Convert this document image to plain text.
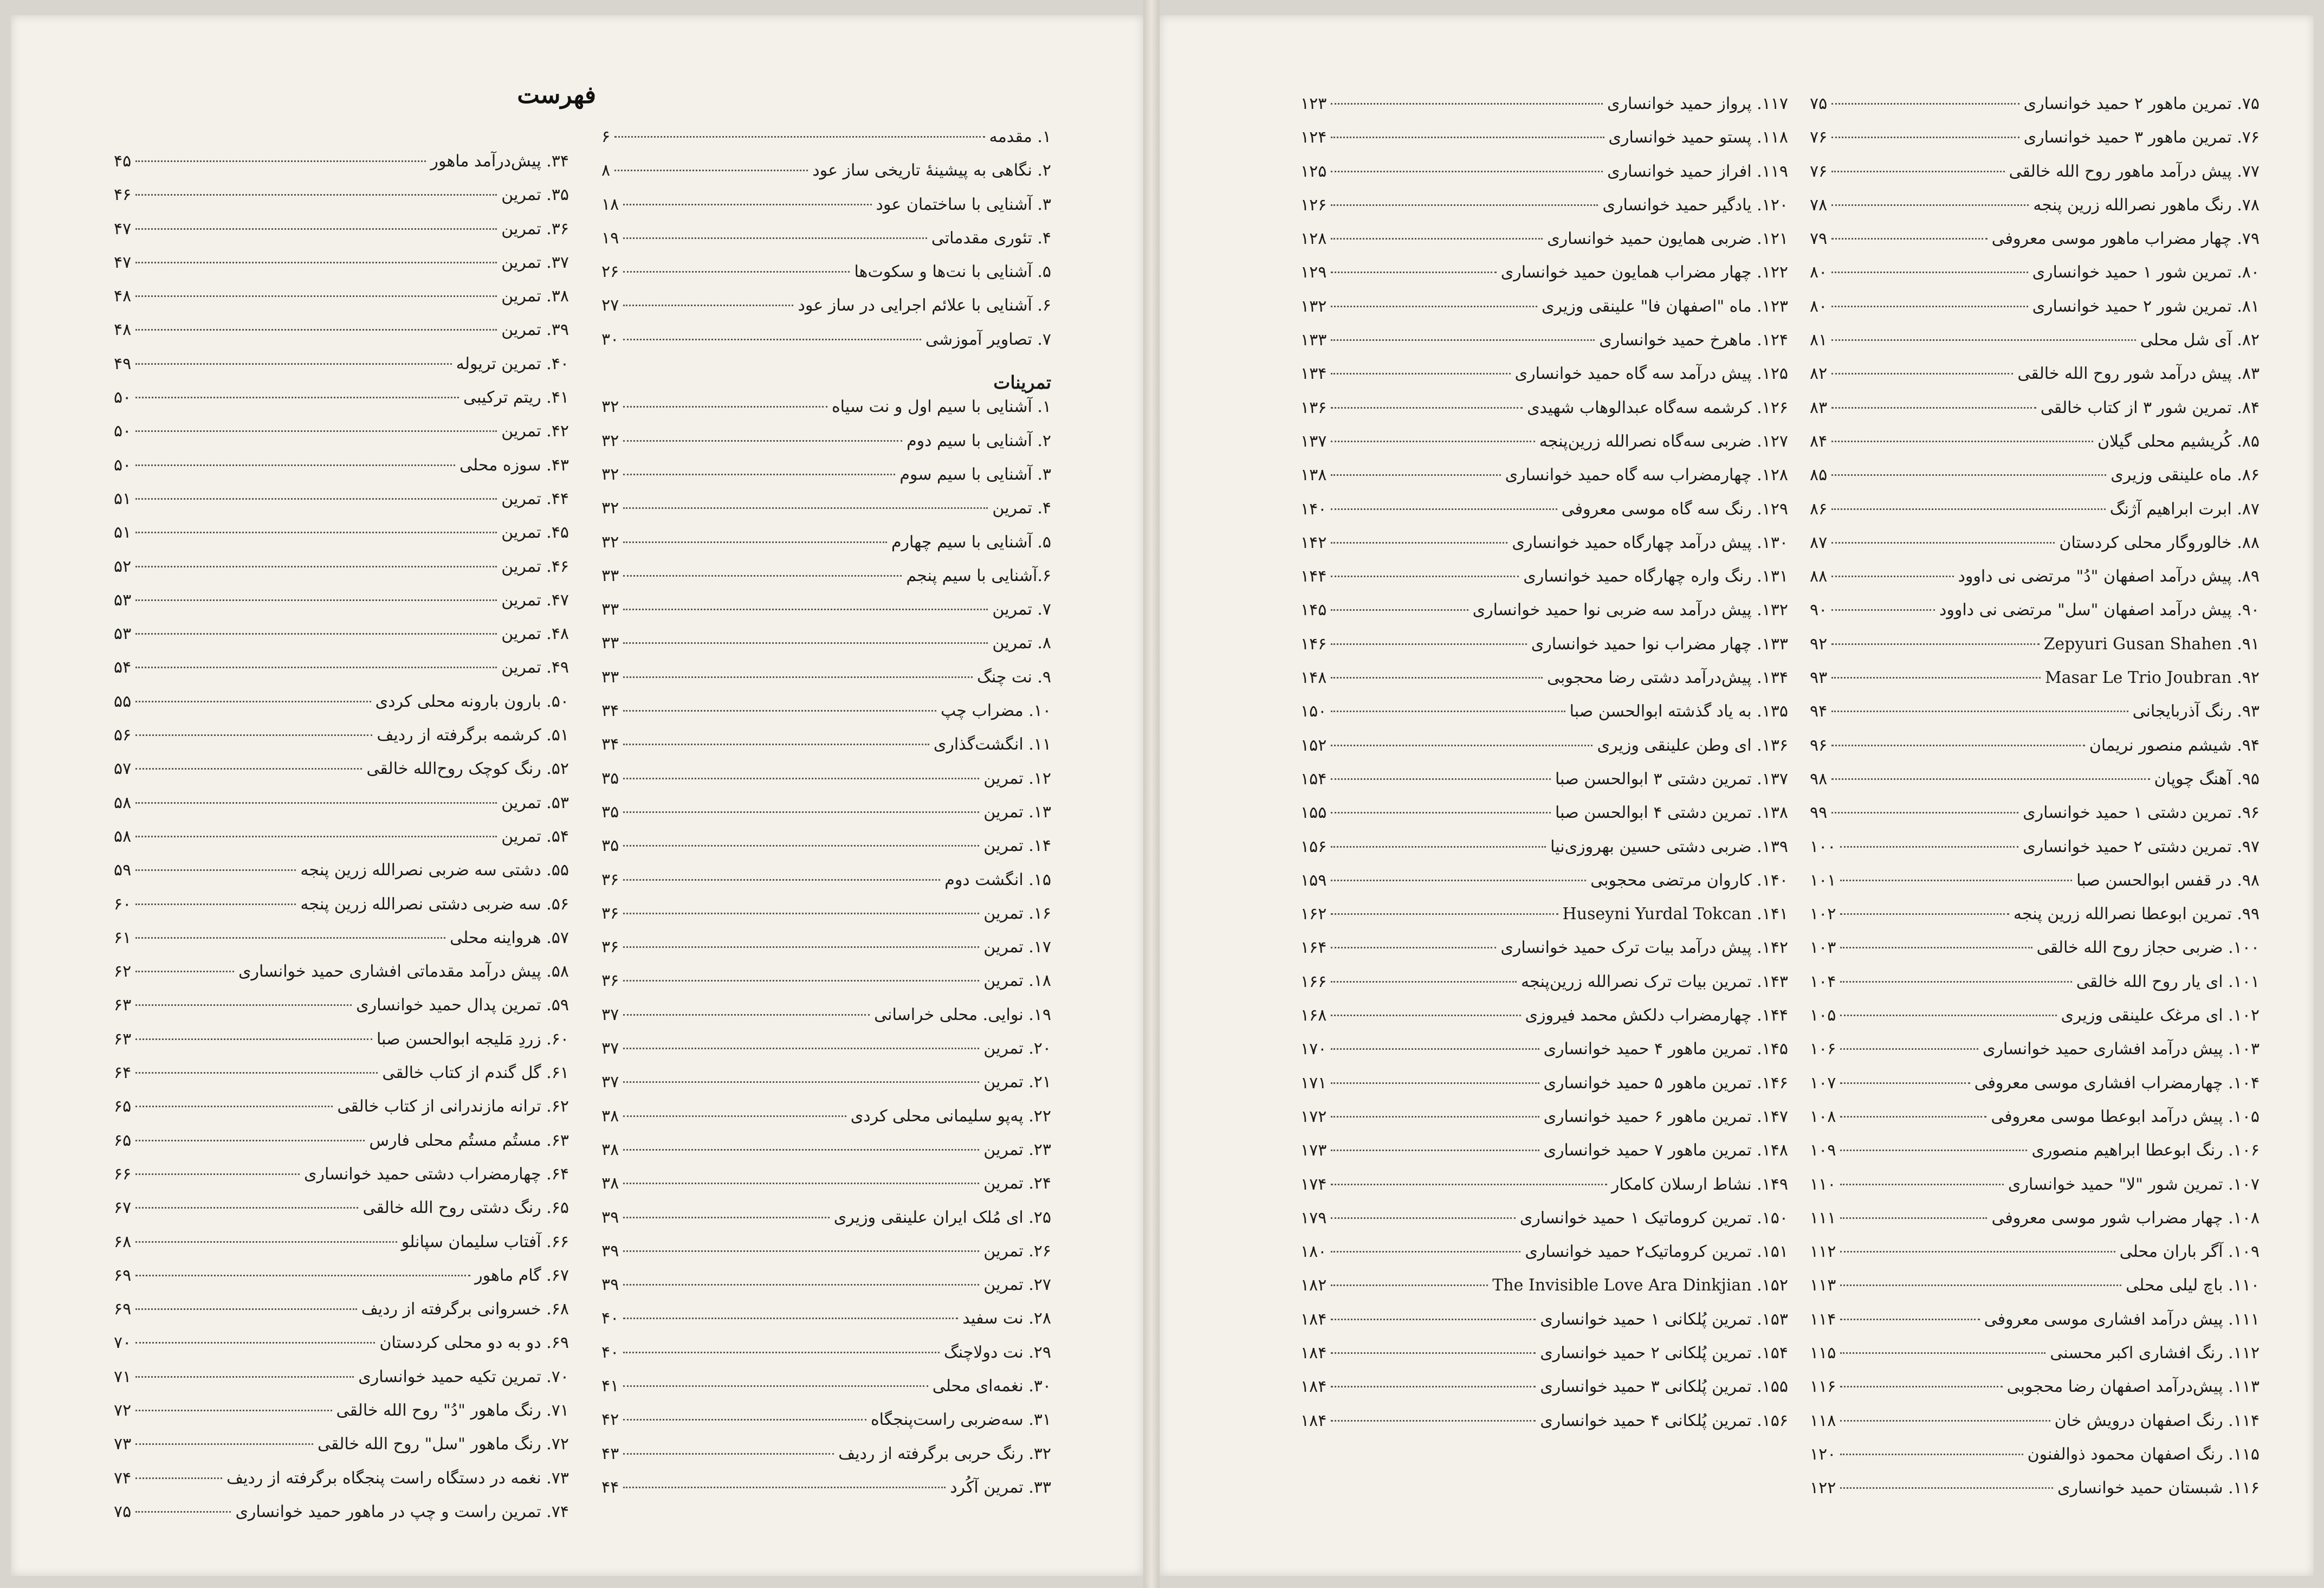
فهرست
۱. مقدمه
۶
۲. نگاهی به پیشینهٔ تاریخی ساز عود
۸
۳. آشنایی با ساختمان عود
۱۸
۴. تئوری مقدماتی
۱۹
۵. آشنایی با نت‌ها و سکوت‌ها
۲۶
۶. آشنایی با علائم اجرایی در ساز عود
۲۷
۷. تصاویر آموزشی
۳۰
تمرینات
۱. آشنایی با سیم اول و نت سیاه
۳۲
۲. آشنایی با سیم دوم
۳۲
۳. آشنایی با سیم سوم
۳۲
۴. تمرین
۳۲
۵. آشنایی با سیم چهارم
۳۲
۶.آشنایی با سیم پنجم
۳۳
۷. تمرین
۳۳
۸. تمرین
۳۳
۹. نت چنگ
۳۳
۱۰. مضراب چپ
۳۴
۱۱. انگشت‌گذاری
۳۴
۱۲. تمرین
۳۵
۱۳. تمرین
۳۵
۱۴. تمرین
۳۵
۱۵. انگشت دوم
۳۶
۱۶. تمرین
۳۶
۱۷. تمرین
۳۶
۱۸. تمرین
۳۶
۱۹. نوایی. محلی خراسانی
۳۷
۲۰. تمرین
۳۷
۲۱. تمرین
۳۷
۲۲. پەپو سلیمانی محلی کردی
۳۸
۲۳. تمرین
۳۸
۲۴. تمرین
۳۸
۲۵. ای مُلک ایران علینقی وزیری
۳۹
۲۶. تمرین
۳۹
۲۷. تمرین
۳۹
۲۸. نت سفید
۴۰
۲۹. نت دولاچنگ
۴۰
۳۰. نغمه‌ای محلی
۴۱
۳۱. سه‌ضربی راست‌پنجگاه
۴۲
۳۲. رنگ حربی برگرفته از ردیف
۴۳
۳۳. تمرین آکُرد
۴۴
۳۴. پیش‌درآمد ماهور
۴۵
۳۵. تمرین
۴۶
۳۶. تمرین
۴۷
۳۷. تمرین
۴۷
۳۸. تمرین
۴۸
۳۹. تمرین
۴۸
۴۰. تمرین تریوله
۴۹
۴۱. ریتم ترکیبی
۵۰
۴۲. تمرین
۵۰
۴۳. سوزه محلی
۵۰
۴۴. تمرین
۵۱
۴۵. تمرین
۵۱
۴۶. تمرین
۵۲
۴۷. تمرین
۵۳
۴۸. تمرین
۵۳
۴۹. تمرین
۵۴
۵۰. بارون بارونه محلی کردی
۵۵
۵۱. کرشمه برگرفته از ردیف
۵۶
۵۲. رنگ کوچک روح‌الله خالقی
۵۷
۵۳. تمرین
۵۸
۵۴. تمرین
۵۸
۵۵. دشتی سه ضربی نصرالله زرین پنجه
۵۹
۵۶. سه ضربی دشتی نصرالله زرین پنجه
۶۰
۵۷. هرواینه محلی
۶۱
۵۸. پیش درآمد مقدماتی افشاری حمید خوانساری
۶۲
۵۹. تمرین پدال حمید خوانساری
۶۳
۶۰. زردِ مَلیجه ابوالحسن صبا
۶۳
۶۱. گل گندم از کتاب خالقی
۶۴
۶۲. ترانه مازندرانی از کتاب خالقی
۶۵
۶۳. مستُم مستُم محلی فارس
۶۵
۶۴. چهارمضراب دشتی حمید خوانساری
۶۶
۶۵. رنگ دشتی روح الله خالقی
۶۷
۶۶. آفتاب سلیمان سپانلو
۶۸
۶۷. گام ماهور
۶۹
۶۸. خسروانی برگرفته از ردیف
۶۹
۶۹. دو به دو محلی کردستان
۷۰
۷۰. تمرین تکیه حمید خوانساری
۷۱
۷۱. رنگ ماهور "دُ" روح الله خالقی
۷۲
۷۲. رنگ ماهور "سل" روح الله خالقی
۷۳
۷۳. نغمه در دستگاه راست پنجگاه برگرفته از ردیف
۷۴
۷۴. تمرین راست و چپ در ماهور حمید خوانساری
۷۵
۷۵. تمرین ماهور ۲ حمید خوانساری
۷۵
۷۶. تمرین ماهور ۳ حمید خوانساری
۷۶
۷۷. پیش درآمد ماهور روح الله خالقی
۷۶
۷۸. رنگ ماهور نصرالله زرین پنجه
۷۸
۷۹. چهار مضراب ماهور موسی معروفی
۷۹
۸۰. تمرین شور ۱ حمید خوانساری
۸۰
۸۱. تمرین شور ۲ حمید خوانساری
۸۰
۸۲. آی شل محلی
۸۱
۸۳. پیش درآمد شور روح الله خالقی
۸۲
۸۴. تمرین شور ۳ از کتاب خالقی
۸۳
۸۵. کُریشیم محلی گیلان
۸۴
۸۶. ماه علینقی وزیری
۸۵
۸۷. ابرت ابراهیم آژنگ
۸۶
۸۸. خالوروگار محلی کردستان
۸۷
۸۹. پیش درآمد اصفهان "دُ" مرتضی نی داوود
۸۸
۹۰. پیش درآمد اصفهان "سل" مرتضی نی داوود
۹۰
۹۱. Zepyuri Gusan Shahen
۹۲
۹۲. Masar Le Trio Joubran
۹۳
۹۳. رنگ آذربایجانی
۹۴
۹۴. شیشم منصور نریمان
۹۶
۹۵. آهنگ چوپان
۹۸
۹۶. تمرین دشتی ۱ حمید خوانساری
۹۹
۹۷. تمرین دشتی ۲ حمید خوانساری
۱۰۰
۹۸. در قفس ابوالحسن صبا
۱۰۱
۹۹. تمرین ابوعطا نصرالله زرین پنجه
۱۰۲
۱۰۰. ضربی حجاز روح الله خالقی
۱۰۳
۱۰۱. ای یار روح الله خالقی
۱۰۴
۱۰۲. ای مرغک علینقی وزیری
۱۰۵
۱۰۳. پیش درآمد افشاری حمید خوانساری
۱۰۶
۱۰۴. چهارمضراب افشاری موسی معروفی
۱۰۷
۱۰۵. پیش درآمد ابوعطا موسی معروفی
۱۰۸
۱۰۶. رنگ ابوعطا ابراهیم منصوری
۱۰۹
۱۰۷. تمرین شور "لا" حمید خوانساری
۱۱۰
۱۰۸. چهار مضراب شور موسی معروفی
۱۱۱
۱۰۹. آگر باران محلی
۱۱۲
۱۱۰. باچ لیلی محلی
۱۱۳
۱۱۱. پیش درآمد افشاری موسی معروفی
۱۱۴
۱۱۲. رنگ افشاری اکبر محسنی
۱۱۵
۱۱۳. پیش‌درآمد اصفهان رضا محجوبی
۱۱۶
۱۱۴. رنگ اصفهان درویش خان
۱۱۸
۱۱۵. رنگ اصفهان محمود ذوالفنون
۱۲۰
۱۱۶. شبستان حمید خوانساری
۱۲۲
۱۱۷. پرواز حمید خوانساری
۱۲۳
۱۱۸. پستو حمید خوانساری
۱۲۴
۱۱۹. افراز حمید خوانساری
۱۲۵
۱۲۰. یادگیر حمید خوانساری
۱۲۶
۱۲۱. ضربی همایون حمید خوانساری
۱۲۸
۱۲۲. چهار مضراب همایون حمید خوانساری
۱۲۹
۱۲۳. ماه "اصفهان فا" علینقی وزیری
۱۳۲
۱۲۴. ماهرخ حمید خوانساری
۱۳۳
۱۲۵. پیش درآمد سه گاه حمید خوانساری
۱۳۴
۱۲۶. کرشمه سه‌گاه عبدالوهاب شهیدی
۱۳۶
۱۲۷. ضربی سه‌گاه نصرالله زرین‌پنجه
۱۳۷
۱۲۸. چهارمضراب سه گاه حمید خوانساری
۱۳۸
۱۲۹. رنگ سه گاه موسی معروفی
۱۴۰
۱۳۰. پیش درآمد چهارگاه حمید خوانساری
۱۴۲
۱۳۱. رنگ واره چهارگاه حمید خوانساری
۱۴۴
۱۳۲. پیش درآمد سه ضربی نوا حمید خوانساری
۱۴۵
۱۳۳. چهار مضراب نوا حمید خوانساری
۱۴۶
۱۳۴. پیش‌درآمد دشتی رضا محجوبی
۱۴۸
۱۳۵. به یاد گذشته ابوالحسن صبا
۱۵۰
۱۳۶. ای وطن علینقی وزیری
۱۵۲
۱۳۷. تمرین دشتی ۳ ابوالحسن صبا
۱۵۴
۱۳۸. تمرین دشتی ۴ ابوالحسن صبا
۱۵۵
۱۳۹. ضربی دشتی حسین بهروزی‌نیا
۱۵۶
۱۴۰. کاروان مرتضی محجوبی
۱۵۹
۱۴۱. Huseyni Yurdal Tokcan
۱۶۲
۱۴۲. پیش درآمد بیات ترک حمید خوانساری
۱۶۴
۱۴۳. تمرین بیات ترک نصرالله زرین‌پنجه
۱۶۶
۱۴۴. چهارمضراب دلکش محمد فیروزی
۱۶۸
۱۴۵. تمرین ماهور ۴ حمید خوانساری
۱۷۰
۱۴۶. تمرین ماهور ۵ حمید خوانساری
۱۷۱
۱۴۷. تمرین ماهور ۶ حمید خوانساری
۱۷۲
۱۴۸. تمرین ماهور ۷ حمید خوانساری
۱۷۳
۱۴۹. نشاط ارسلان کامکار
۱۷۴
۱۵۰. تمرین کروماتیک ۱ حمید خوانساری
۱۷۹
۱۵۱. تمرین کروماتیک۲ حمید خوانساری
۱۸۰
۱۵۲. The Invisible Love Ara Dinkjian
۱۸۲
۱۵۳. تمرین پُلکانی ۱ حمید خوانساری
۱۸۴
۱۵۴. تمرین پُلکانی ۲ حمید خوانساری
۱۸۴
۱۵۵. تمرین پُلکانی ۳ حمید خوانساری
۱۸۴
۱۵۶. تمرین پُلکانی ۴ حمید خوانساری
۱۸۴
